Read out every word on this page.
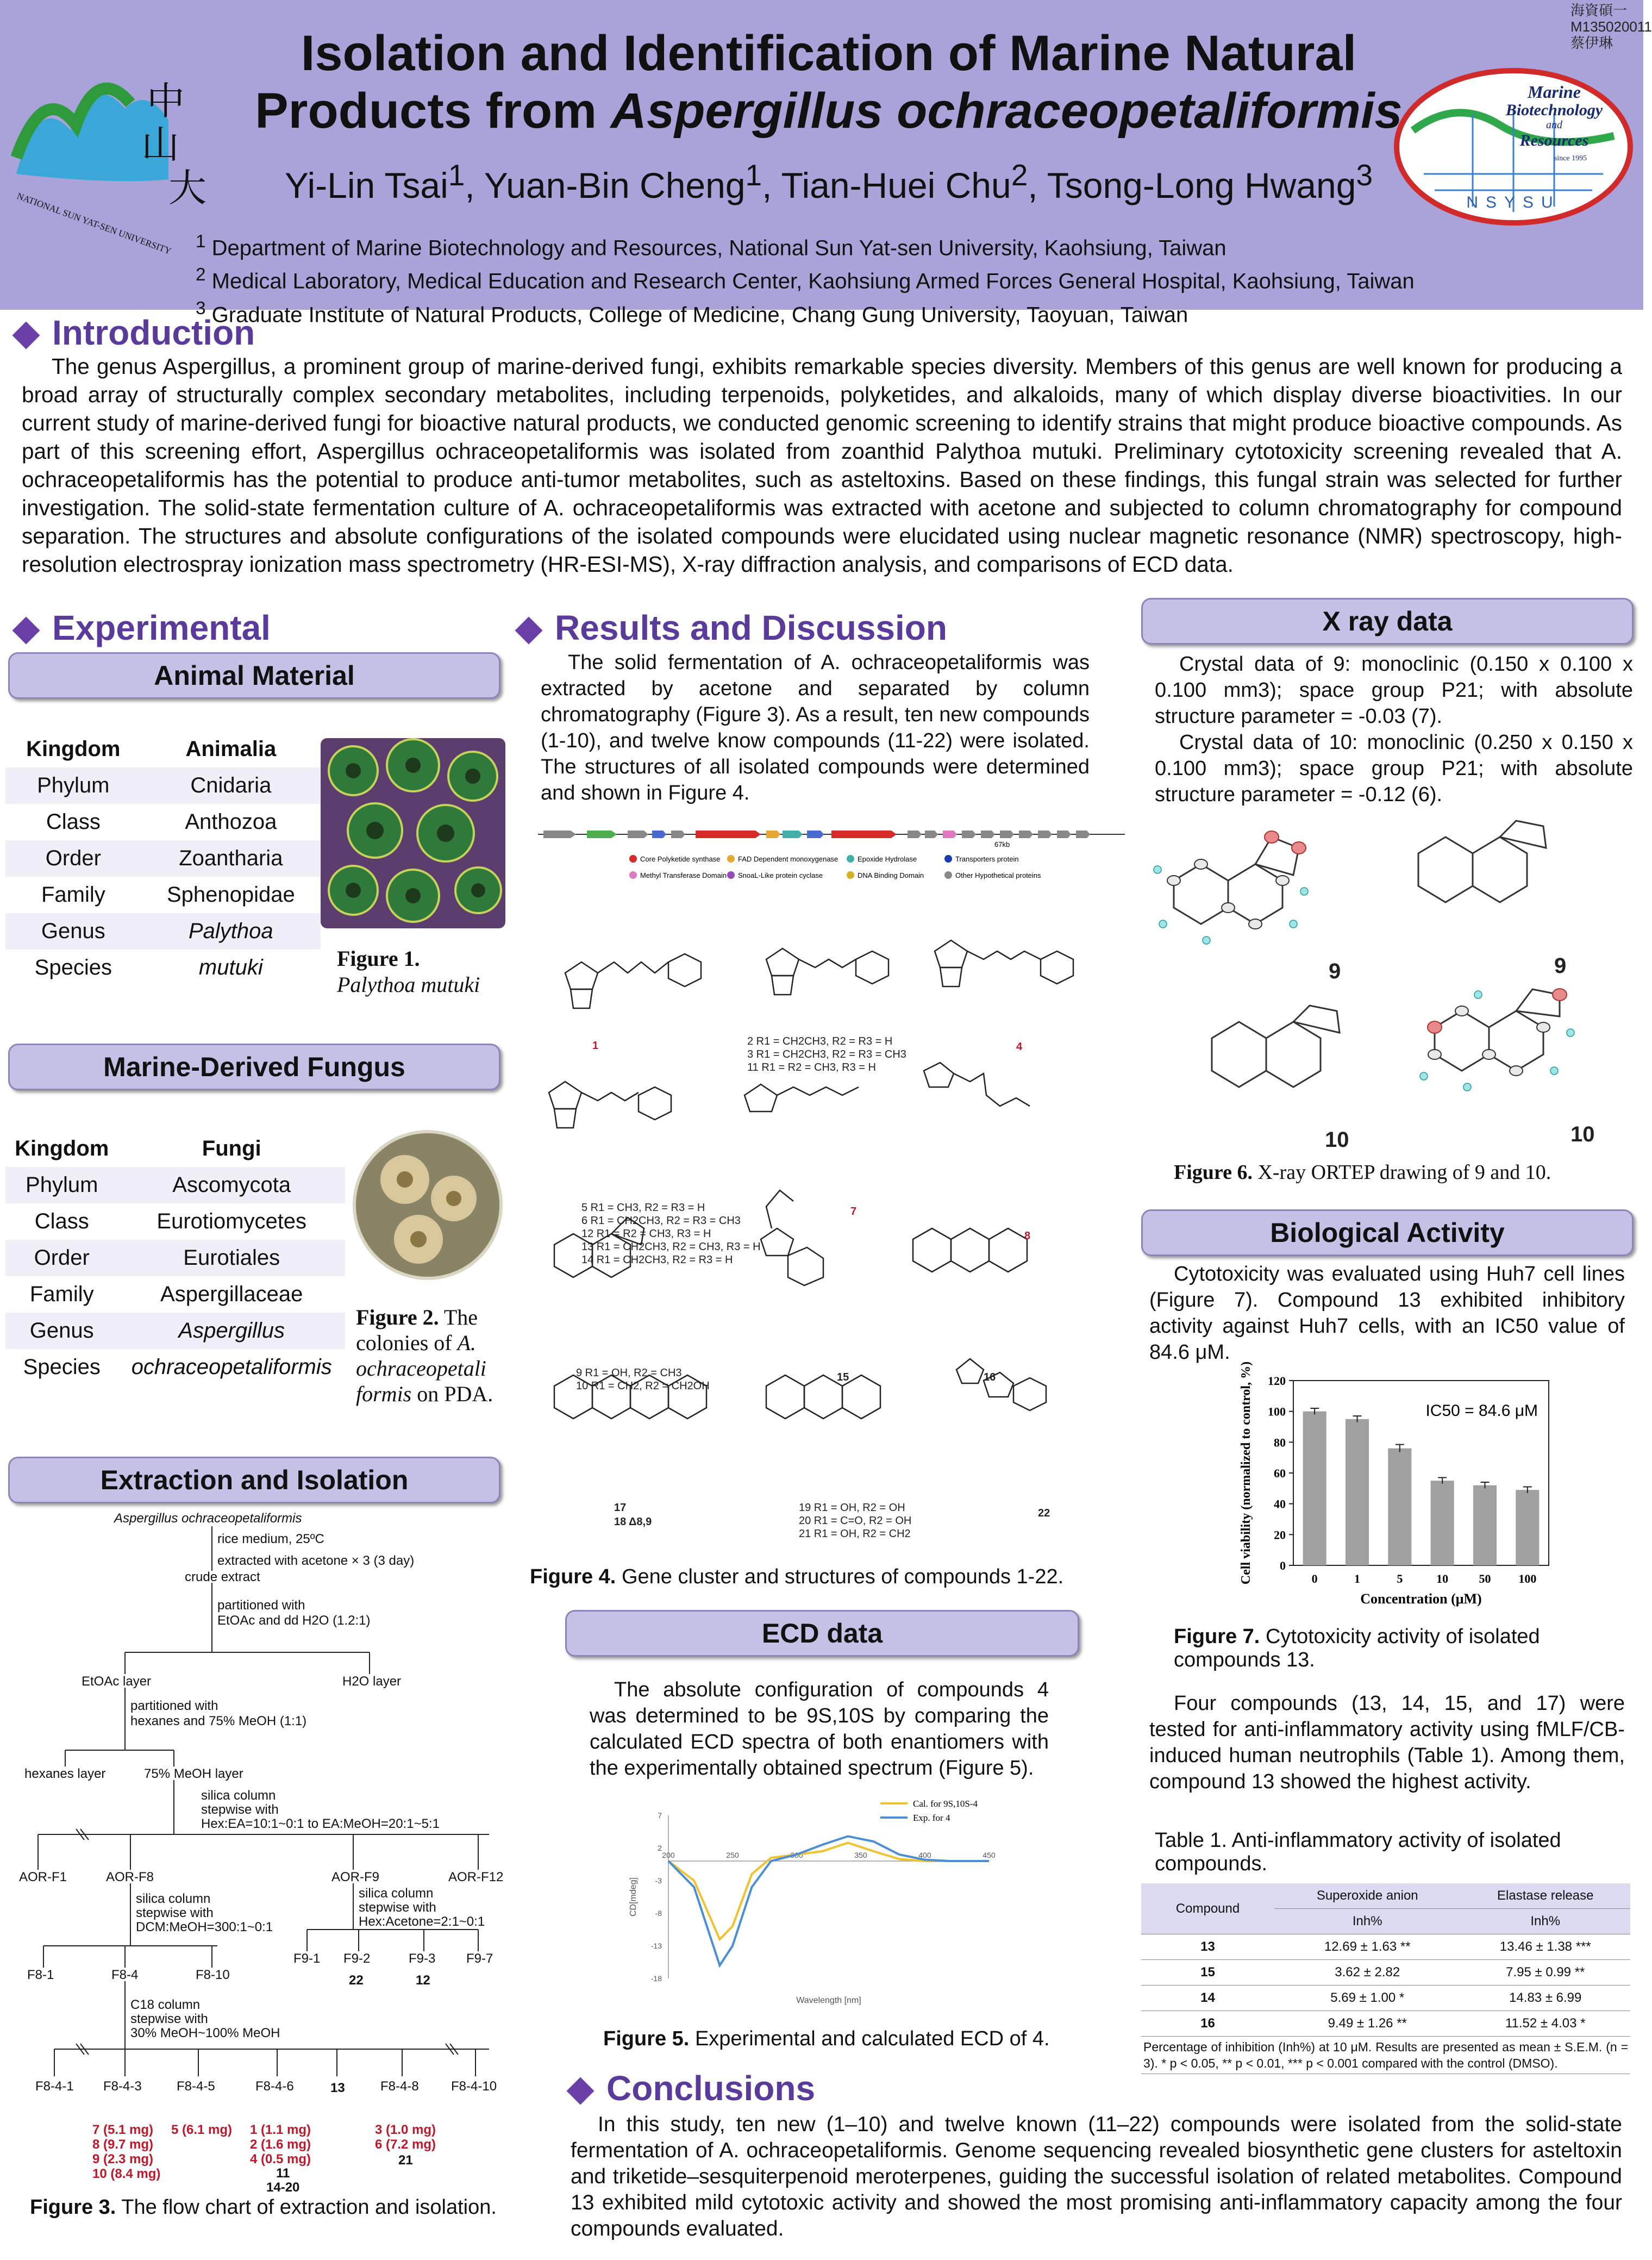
海資碩一
M135020011
蔡伊琳
中
山
大
NATIONAL SUN YAT-SEN UNIVERSITY
Marine
Biotechnology
and
Resources
since 1995
NSYSU
Isolation and Identification of Marine Natural
Products from Aspergillus ochraceopetaliformis
Yi-Lin Tsai$^1$, Yuan-Bin Cheng$^1$, Tian-Huei Chu$^2$, Tsong-Long Hwang$^3$
$^1$ Department of Marine Biotechnology and Resources, National Sun Yat-sen University, Kaohsiung, Taiwan
$^2$ Medical Laboratory, Medical Education and Research Center, Kaohsiung Armed Forces General Hospital, Kaohsiung, Taiwan
$^3$ Graduate Institute of Natural Products, College of Medicine, Chang Gung University, Taoyuan, Taiwan
Introduction
The genus Aspergillus, a prominent group of marine-derived fungi, exhibits remarkable species diversity. Members of this genus are well known for producing a broad array of structurally complex secondary metabolites, including terpenoids, polyketides, and alkaloids, many of which display diverse bioactivities. In our current study of marine-derived fungi for bioactive natural products, we conducted genomic screening to identify strains that might produce bioactive compounds. As part of this screening effort, Aspergillus ochraceopetaliformis was isolated from zoanthid Palythoa mutuki. Preliminary cytotoxicity screening revealed that A. ochraceopetaliformis has the potential to produce anti-tumor metabolites, such as asteltoxins. Based on these findings, this fungal strain was selected for further investigation. The solid-state fermentation culture of A. ochraceopetaliformis was extracted with acetone and subjected to column chromatography for compound separation. The structures and absolute configurations of the isolated compounds were elucidated using nuclear magnetic resonance (NMR) spectroscopy, high-resolution electrospray ionization mass spectrometry (HR-ESI-MS), X-ray diffraction analysis, and comparisons of ECD data.
Experimental
Animal Material
Kingdom	Animalia
Phylum	Cnidaria
Class	Anthozoa
Order	Zoantharia
Family	Sphenopidae
Genus	Palythoa
Species	mutuki	Figure 1.
Palythoa mutuki
Marine-Derived Fungus
Kingdom	Fungi
Phylum	Ascomycota
Class	Eurotiomycetes
Order	Eurotiales
Family	Aspergillaceae
Genus	Aspergillus
Species	ochraceopetaliformis
Figure 2. The colonies of A. ochraceopetali formis on PDA.
Extraction and Isolation
Aspergillus ochraceopetaliformis
rice medium, 25ºC
extracted with acetone × 3 (3 day)
crude extract
partitioned with
EtOAc and dd H2O (1.2:1)
EtOAc layer	H2O layer
partitioned with
hexanes and 75% MeOH (1:1)
hexanes layer	75% MeOH layer
silica column
stepwise with
Hex:EA=10:1~0:1 to EA:MeOH=20:1~5:1
AOR-F1	AOR-F8	AOR-F9	AOR-F12
silica column
stepwise with
DCM:MeOH=300:1~0:1
silica column
stepwise with
Hex:Acetone=2:1~0:1
F8-1	F8-4	F8-10
F9-1 F9-2	F9-3 F9-7
22	12
C18 column
stepwise with
30% MeOH~100% MeOH
F8-4-1 F8-4-3	F8-4-5	F8-4-6	13	F8-4-8 F8-4-10
7 (5.1 mg)
8 (9.7 mg)
9 (2.3 mg)
10 (8.4 mg)
5 (6.1 mg) 1 (1.1 mg)
2 (1.6 mg)
4 (0.5 mg)
11
14-20
3 (1.0 mg)
6 (7.2 mg)
21
Figure 3. The flow chart of extraction and isolation.
Results and Discussion
The solid fermentation of A. ochraceopetaliformis was extracted by acetone and separated by column chromatography (Figure 3). As a result, ten new compounds (1-10), and twelve know compounds (11-22) were isolated. The structures of all isolated compounds were determined and shown in Figure 4.
67kb
Core Polyketide synthase	FAD Dependent monoxygenase	Epoxide Hydrolase	Transporters protein
Methyl Transferase Domain SnoaL-Like protein cyclase	DNA Binding Domain	Other Hypothetical proteins
1	2 R1 = CH2CH3, R2 = R3 = H
3 R1 = CH2CH3, R2 = R3 = CH3
11 R1 = R2 = CH3, R3 = H
4
5 R1 = CH3, R2 = R3 = H
6 R1 = CH2CH3, R2 = R3 = CH3
12 R1 = R2 = CH3, R3 = H
13 R1 = CH2CH3, R2 = CH3, R3 = H
14 R1 = CH2CH3, R2 = R3 = H
7
8
9 R1 = OH, R2 = CH3
10 R1 = CH2, R2 = CH2OH
15	16
17
18 Δ8,9
19 R1 = OH, R2 = OH
20 R1 = C=O, R2 = OH
21 R1 = OH, R2 = CH2
22
Figure 4. Gene cluster and structures of compounds 1-22.
ECD data
The absolute configuration of compounds 4 was determined to be 9S,10S by comparing the calculated ECD spectra of both enantiomers with the experimentally obtained spectrum (Figure 5).
7
2
-3
-8
-13
-18
200	250	300	350	400	450
Cal. for 9S,10S-4
Exp. for 4
Wavelength [nm]
CD[mdeg]
Figure 5. Experimental and calculated ECD of 4.
X ray data
Crystal data of 9: monoclinic (0.150 x 0.100 x 0.100 mm3); space group P21; with absolute structure parameter = -0.03 (7).
Crystal data of 10: monoclinic (0.250 x 0.150 x 0.100 mm3); space group P21; with absolute structure parameter = -0.12 (6).
9	9
10	10
Figure 6. X-ray ORTEP drawing of 9 and 10.
Biological Activity
Cytotoxicity was evaluated using Huh7 cell lines (Figure 7). Compound 13 exhibited inhibitory activity against Huh7 cells, with an IC50 value of 84.6 μM.
0
20
40
60
80
100
120
0	1	5	10	50 100
Concentration (μM)
Cell viability (normalized to control, %)	IC50 = 84.6 μM
Figure 7. Cytotoxicity activity of isolated compounds 13.
Four compounds (13, 14, 15, and 17) were tested for anti-inflammatory activity using fMLF/CB-induced human neutrophils (Table 1). Among them, compound 13 showed the highest activity.
Table 1. Anti-inflammatory activity of isolated compounds.
Compound	Superoxide anion	Elastase release
	Inh%	Inh%
13	12.69 ± 1.63 **	13.46 ± 1.38 ***
15	3.62 ± 2.82	7.95 ± 0.99 **
14	5.69 ± 1.00 *	14.83 ± 6.99
16	9.49 ± 1.26 **	11.52 ± 4.03 *
Percentage of inhibition (Inh%) at 10 μM. Results are presented as mean ± S.E.M. (n = 3). * p < 0.05, ** p < 0.01, *** p < 0.001 compared with the control (DMSO).		
Conclusions
In this study, ten new (1–10) and twelve known (11–22) compounds were isolated from the solid-state fermentation of A. ochraceopetaliformis. Genome sequencing revealed biosynthetic gene clusters for asteltoxin and triketide–sesquiterpenoid meroterpenes, guiding the successful isolation of related metabolites. Compound 13 exhibited mild cytotoxic activity and showed the most promising anti-inflammatory capacity among the four compounds evaluated.
